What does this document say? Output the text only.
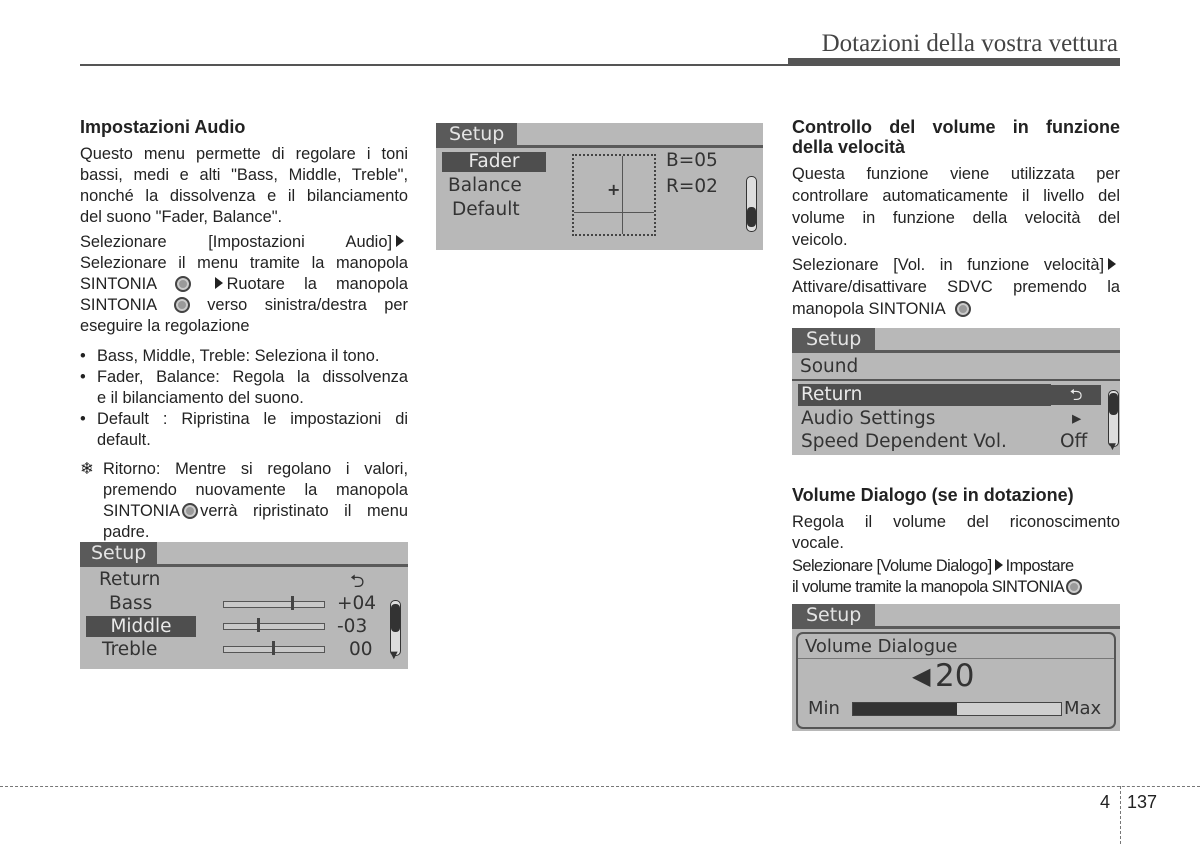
Dotazioni della vostra vettura

Impostazioni Audio

Questo menu permette di regolare i toni

bassi, medi e alti "Bass, Middle, Treble",

nonché la dissolvenza e il bilanciamento

del suono "Fader, Balance".

Selezionare [Impostazioni Audio]

Selezionare il menu tramite la manopola

SINTONIA	Ruotare la manopola

SINTONIA	verso sinistra/destra per

eseguire la regolazione

• Bass, Middle, Treble: Seleziona il tono.
• Fader, Balance: Regola la dissolvenza
e il bilanciamento del suono.
• Default : Ripristina le impostazioni di
default.
❄ Ritorno: Mentre si regolano i valori,
premendo nuovamente la manopola
SINTONIA verrà ripristinato il menu
padre.
Setup
Return	⮌
Bass	+04
Middle	-03
Treble	00 ▼
Setup
Fader
Balance
Default
+
B=05
R=02

Controllo del volume in funzione

della velocità

Questa funzione viene utilizzata per

controllare automaticamente il livello del

volume in funzione della velocità del

veicolo.

Selezionare [Vol. in funzione velocità]

Attivare/disattivare SDVC premendo la

manopola SINTONIA

Setup
Sound
Return	⮌
Audio Settings	▸
Speed Dependent Vol.	Off ▼

Volume Dialogo (se in dotazione)

Regola il volume del riconoscimento

vocale.

Selezionare [Volume Dialogo] Impostare

il volume tramite la manopola SINTONIA

Setup
Volume Dialogue
◀ 20
Min	Max
4 137
